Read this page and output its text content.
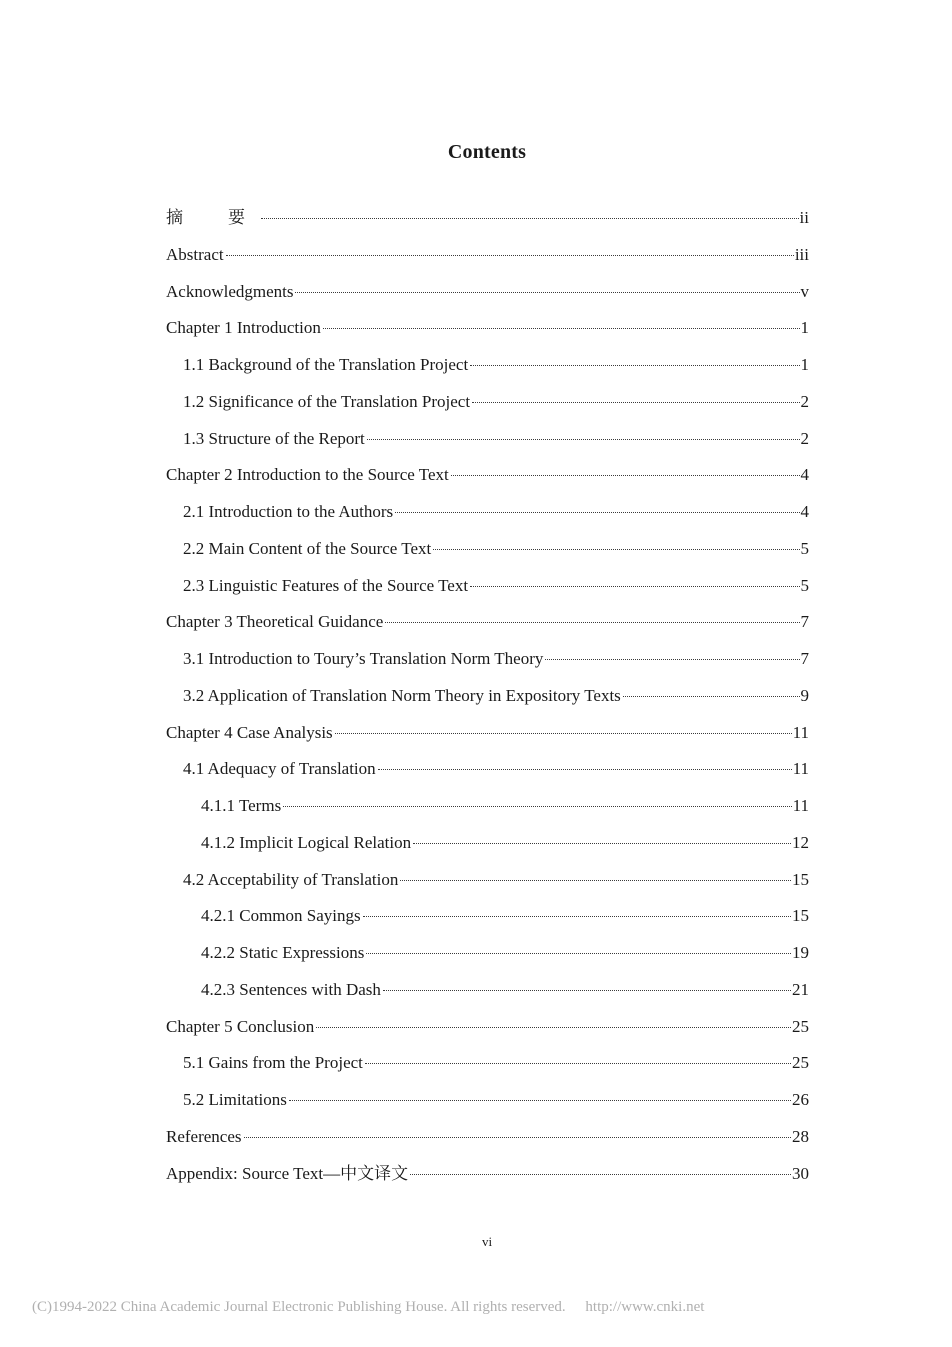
Contents
摘　要	ii
Abstract	iii
Acknowledgments	v
Chapter 1 Introduction	1
1.1 Background of the Translation Project	1
1.2 Significance of the Translation Project	2
1.3 Structure of the Report	2
Chapter 2 Introduction to the Source Text	4
2.1 Introduction to the Authors	4
2.2 Main Content of the Source Text	5
2.3 Linguistic Features of the Source Text	5
Chapter 3 Theoretical Guidance	7
3.1 Introduction to Toury’s Translation Norm Theory	7
3.2 Application of Translation Norm Theory in Expository Texts	9
Chapter 4 Case Analysis	11
4.1 Adequacy of Translation	11
4.1.1 Terms	11
4.1.2 Implicit Logical Relation	12
4.2 Acceptability of Translation	15
4.2.1 Common Sayings	15
4.2.2 Static Expressions	19
4.2.3 Sentences with Dash	21
Chapter 5 Conclusion	25
5.1 Gains from the Project	25
5.2 Limitations	26
References	28
Appendix: Source Text—中文译文	30
vi
(C)1994-2022 China Academic Journal Electronic Publishing House. All rights reserved. http://www.cnki.net
